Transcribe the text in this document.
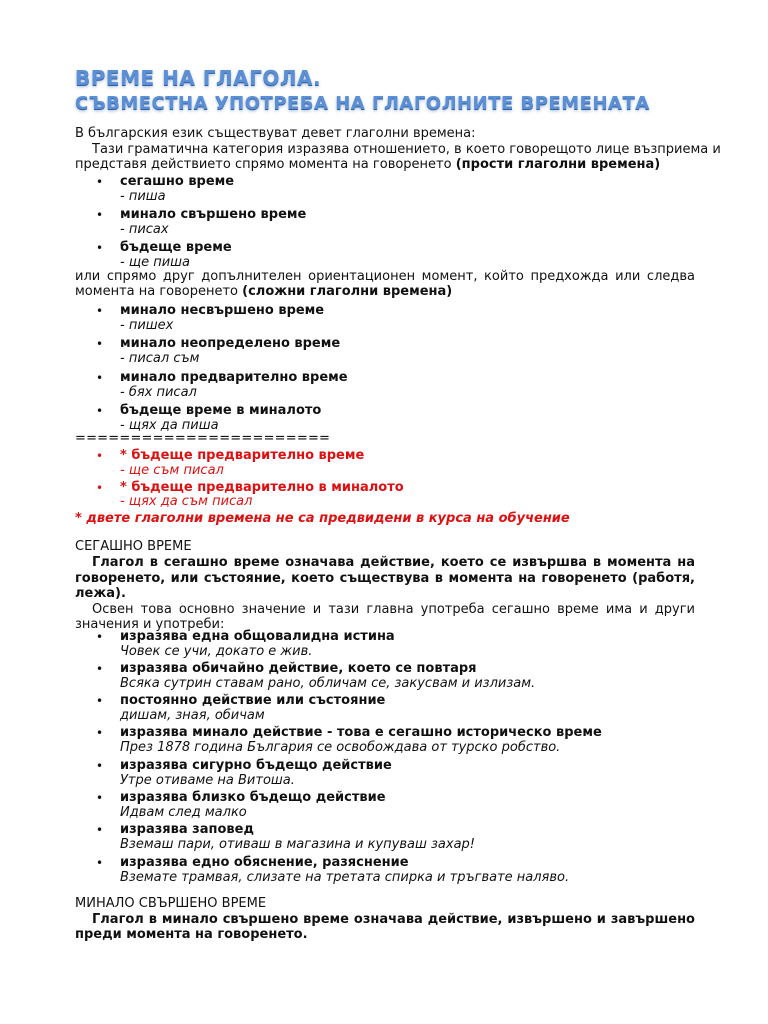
ВРЕМЕ НА ГЛАГОЛА.
СЪВМЕСТНА УПОТРЕБА НА ГЛАГОЛНИТЕ ВРЕМЕНАТА
В българския език съществуват девет глаголни времена:
Тази граматична категория изразява отношението, в което говорещото лице възприема и
представя действието спрямо момента на говоренето (прости глаголни времена)
• сегашно време
- пиша
• минало свършено време
- писах
• бъдеще време
- ще пиша
или спрямо друг допълнителен ориентационен момент, който предхожда или следва
момента на говоренето (сложни глаголни времена)
• минало несвършено време
- пишех
• минало неопределено време
- писал съм
• минало предварително време
- бях писал
• бъдеще време в миналото
- щях да пиша
=======================
• * бъдеще предварително време
- ще съм писал
• * бъдеще предварително в миналото
- щях да съм писал
* двете глаголни времена не са предвидени в курса на обучение
СЕГАШНО ВРЕМЕ
Глагол в сегашно време означава действие, което се извършва в момента на
говоренето, или състояние, което съществува в момента на говоренето (работя,
лежа).
Освен това основно значение и тази главна употреба сегашно време има и други
значения и употреби:
• изразява една общовалидна истина
Човек се учи, докато е жив.
• изразява обичайно действие, което се повтаря
Всяка сутрин ставам рано, обличам се, закусвам и излизам.
• постоянно действие или състояние
дишам, зная, обичам
• изразява минало действие - това е сегашно историческо време
През 1878 година България се освобождава от турско робство.
• изразява сигурно бъдещо действие
Утре отиваме на Витоша.
• изразява близко бъдещо действие
Идвам след малко
• изразява заповед
Вземаш пари, отиваш в магазина и купуваш захар!
• изразява едно обяснение, разяснение
Вземате трамвая, слизате на третата спирка и тръгвате наляво.
МИНАЛО СВЪРШЕНО ВРЕМЕ
Глагол в минало свършено време означава действие, извършено и завършено
преди момента на говоренето.
